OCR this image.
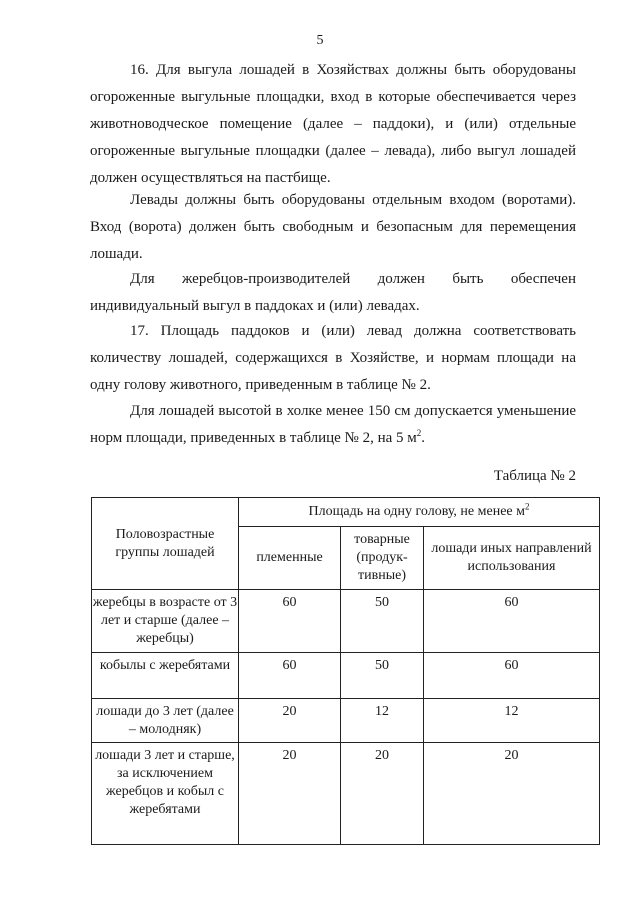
5

16. Для выгула лошадей в Хозяйствах должны быть оборудованы огороженные выгульные площадки, вход в которые обеспечивается через животноводческое помещение (далее – паддоки), и (или) отдельные огороженные выгульные площадки (далее – левада), либо выгул лошадей должен осуществляться на пастбище.

Левады должны быть оборудованы отдельным входом (воротами). Вход (ворота) должен быть свободным и безопасным для перемещения лошади.

Для жеребцов-производителей должен быть обеспечен индивидуальный выгул в паддоках и (или) левадах.

17. Площадь паддоков и (или) левад должна соответствовать количеству лошадей, содержащихся в Хозяйстве, и нормам площади на одну голову животного, приведенным в таблице № 2.

Для лошадей высотой в холке менее 150 см допускается уменьшение норм площади, приведенных в таблице № 2, на 5 $м^2$.

Таблица № 2
Половозрастные группы лошадей	Площадь на одну голову, не менее $м^2$
	племенные	товарные (продук-тивные)	лошади иных направлений использования
жеребцы в возрасте от 3 лет и старше (далее – жеребцы)	60	50	60
кобылы с жеребятами	60	50	60
лошади до 3 лет (далее – молодняк)	20	12	12
лошади 3 лет и старше, за исключением жеребцов и кобыл с жеребятами	20	20	20
